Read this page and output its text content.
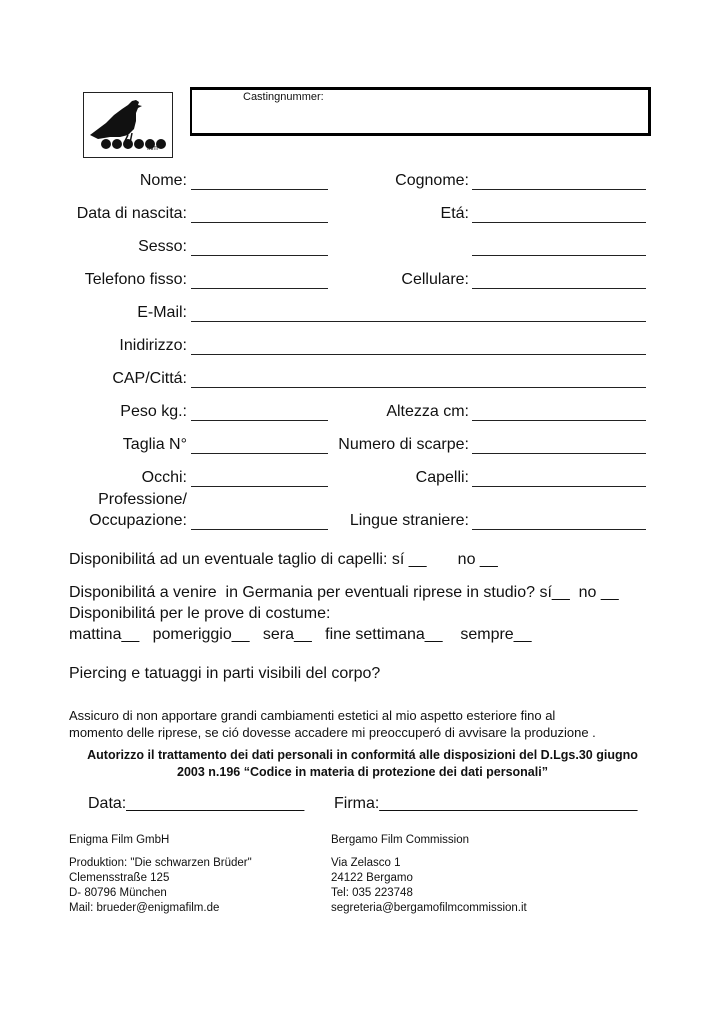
film
Castingnummer:
Nome:	Cognome:
Data di nascita:	Etá:
Sesso:
Telefono fisso:	Cellulare:
E-Mail:
Inidirizzo:
CAP/Cittá:
Peso kg.:	Altezza cm:
Taglia N°	Numero di scarpe:
Occhi:	Capelli:
Professione/
Occupazione:	Lingue straniere:
Disponibilitá ad un eventuale taglio di capelli: sí __       no __
Disponibilitá a venire  in Germania per eventuali riprese in studio? sí__  no __
Disponibilitá per le prove di costume:
mattina__   pomeriggio__   sera__   fine settimana__    sempre__
Piercing e tatuaggi in parti visibili del corpo?
Assicuro di non apportare grandi cambiamenti estetici al mio aspetto esteriore fino al
momento delle riprese, se ció dovesse accadere mi preoccuperó di avvisare la produzione .
Autorizzo il trattamento dei dati personali in conformitá alle disposizioni del D.Lgs.30 giugno
2003 n.196 “Codice in materia di protezione dei dati personali”
Data:____________________ Firma:_____________________________
Enigma Film GmbH
Produktion: "Die schwarzen Brüder"
Clemensstraße 125
D- 80796 München
Mail: brueder@enigmafilm.de
Bergamo Film Commission
Via Zelasco 1
24122 Bergamo
Tel: 035 223748
segreteria@bergamofilmcommission.it
